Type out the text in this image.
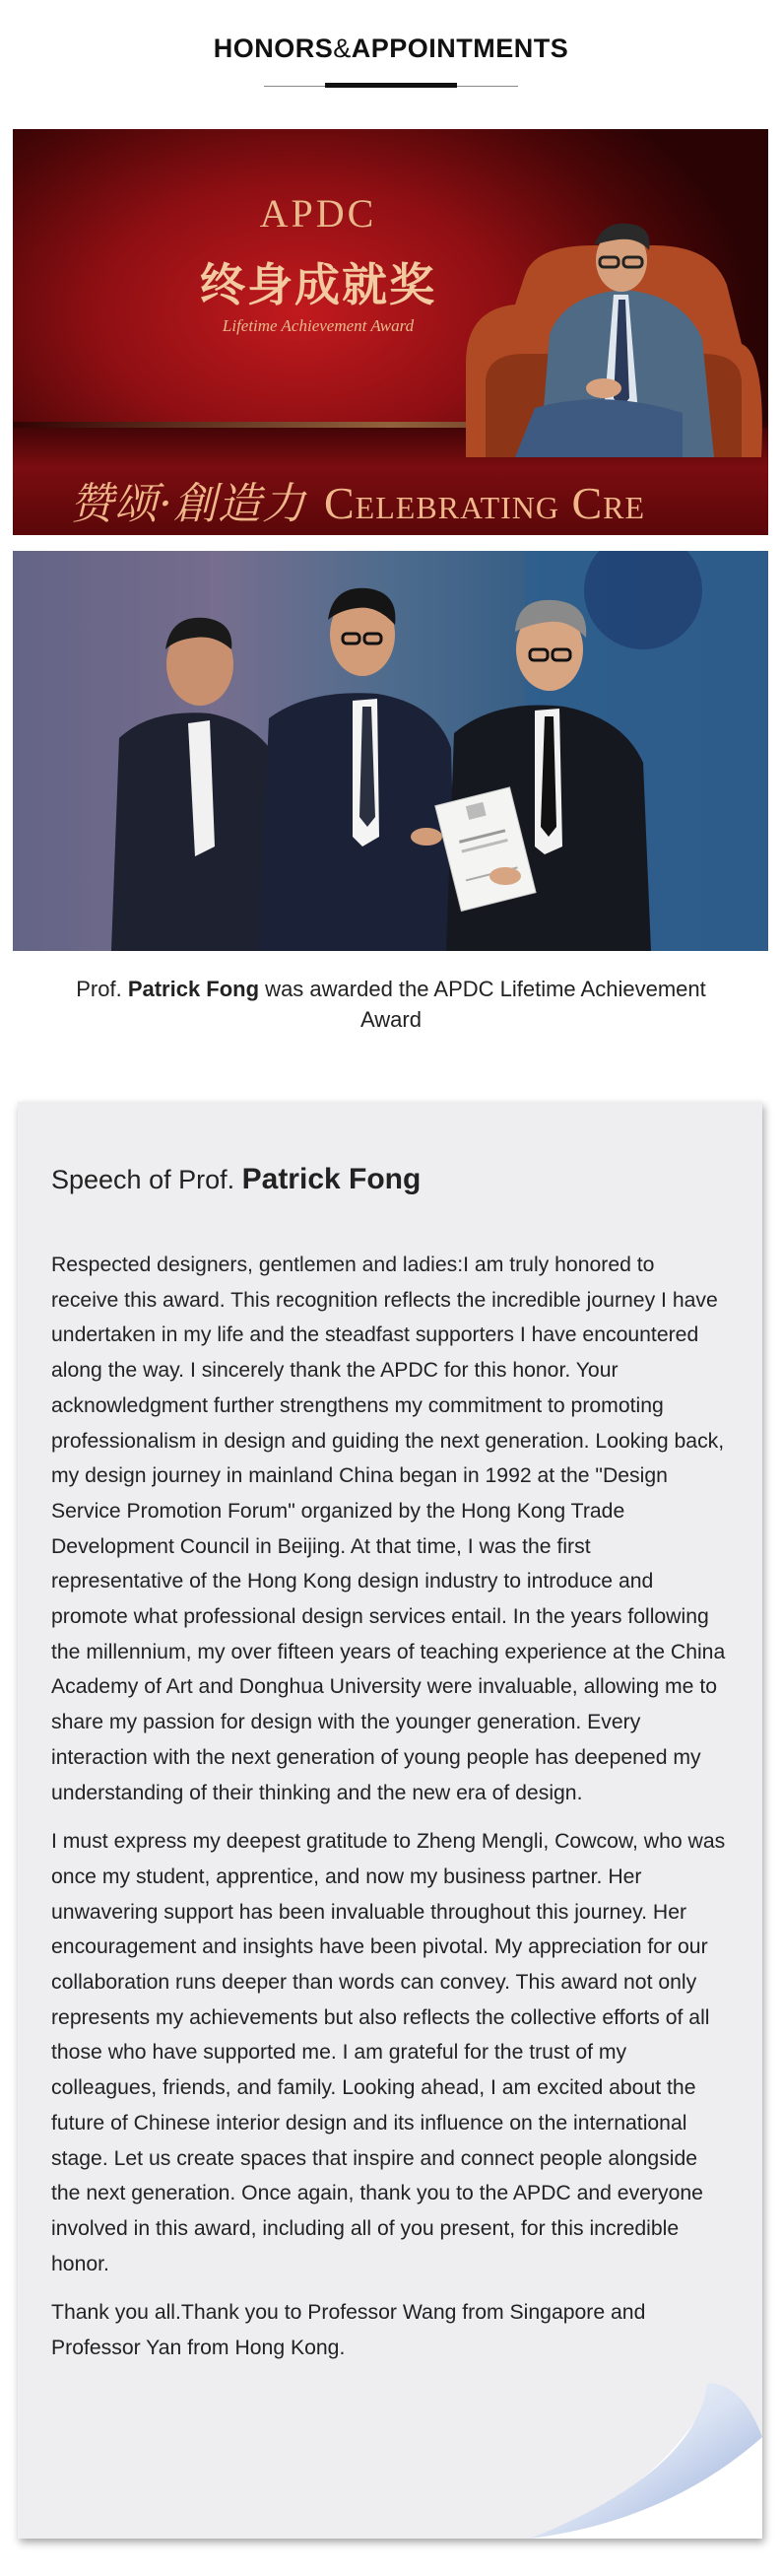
HONORS&APPOINTMENTS
APDC
终身成就奖
Lifetime Achievement Award
赞颂·創造力 Celebrating Cre
Prof. Patrick Fong was awarded the APDC Lifetime Achievement Award
Speech of Prof. Patrick Fong

Respected designers, gentlemen and ladies:I am truly honored to receive this award. This recognition reflects the incredible journey I have undertaken in my life and the steadfast supporters I have encountered along the way. I sincerely thank the APDC for this honor. Your acknowledgment further strengthens my commitment to promoting professionalism in design and guiding the next generation. Looking back, my design journey in mainland China began in 1992 at the "Design Service Promotion Forum" organized by the Hong Kong Trade Development Council in Beijing. At that time, I was the first representative of the Hong Kong design industry to introduce and promote what professional design services entail. In the years following the millennium, my over fifteen years of teaching experience at the China Academy of Art and Donghua University were invaluable, allowing me to share my passion for design with the younger generation. Every interaction with the next generation of young people has deepened my understanding of their thinking and the new era of design.

I must express my deepest gratitude to Zheng Mengli, Cowcow, who was once my student, apprentice, and now my business partner. Her unwavering support has been invaluable throughout this journey. Her encouragement and insights have been pivotal. My appreciation for our collaboration runs deeper than words can convey. This award not only represents my achievements but also reflects the collective efforts of all those who have supported me. I am grateful for the trust of my colleagues, friends, and family. Looking ahead, I am excited about the future of Chinese interior design and its influence on the international stage. Let us create spaces that inspire and connect people alongside the next generation. Once again, thank you to the APDC and everyone involved in this award, including all of you present, for this incredible honor.

Thank you all.Thank you to Professor Wang from Singapore and Professor Yan from Hong Kong.
